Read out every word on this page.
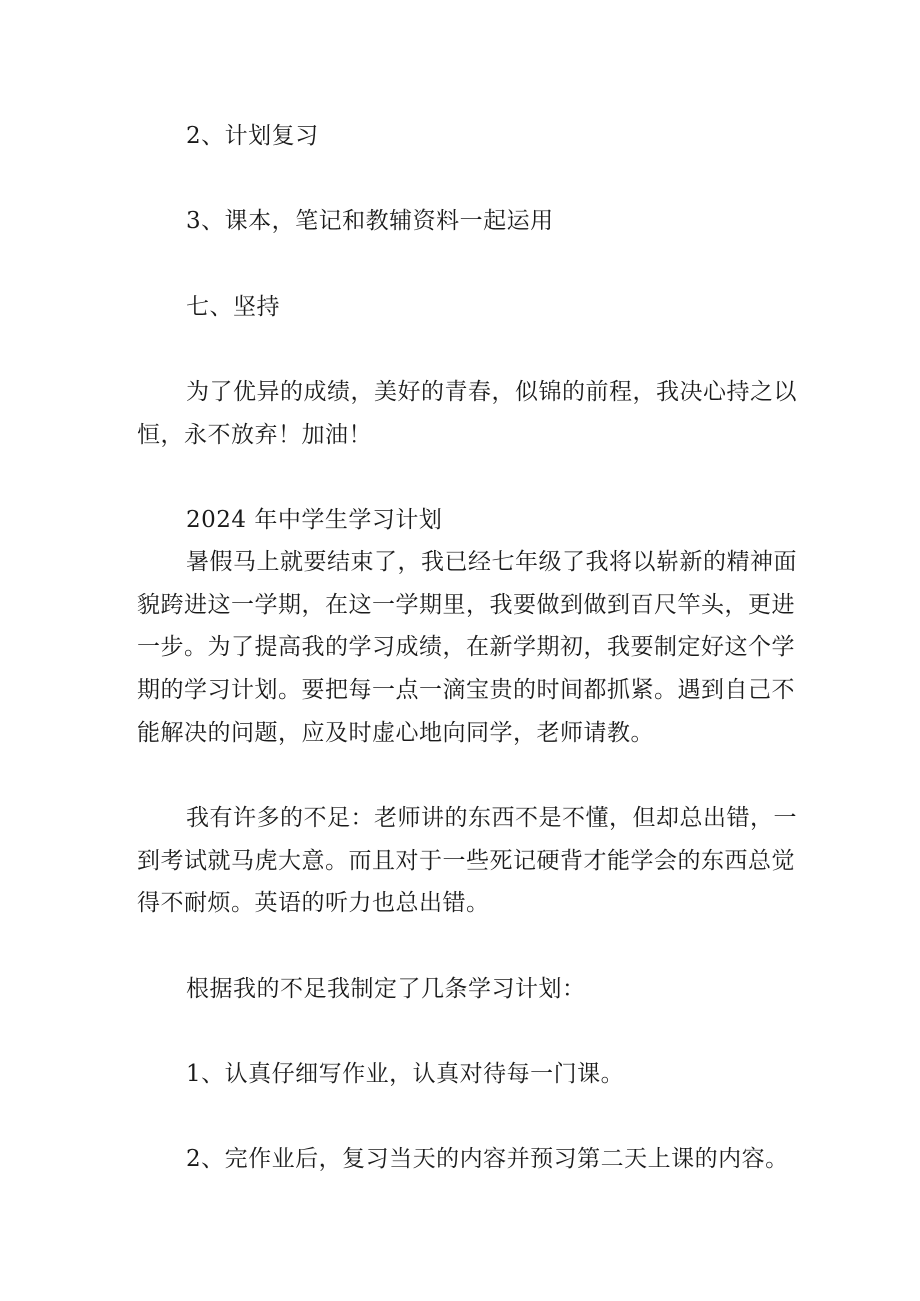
2、计划复习
3、课本，笔记和教辅资料一起运用
七、坚持
为了优异的成绩，美好的青春，似锦的前程，我决心持之以
恒，永不放弃！加油！
2024 年中学生学习计划
暑假马上就要结束了，我已经七年级了我将以崭新的精神面
貌跨进这一学期，在这一学期里，我要做到做到百尺竿头，更进
一步。为了提高我的学习成绩，在新学期初，我要制定好这个学
期的学习计划。要把每一点一滴宝贵的时间都抓紧。遇到自己不
能解决的问题，应及时虚心地向同学，老师请教。
我有许多的不足：老师讲的东西不是不懂，但却总出错，一
到考试就马虎大意。而且对于一些死记硬背才能学会的东西总觉
得不耐烦。英语的听力也总出错。
根据我的不足我制定了几条学习计划：
1、认真仔细写作业，认真对待每一门课。
2、完作业后，复习当天的内容并预习第二天上课的内容。
